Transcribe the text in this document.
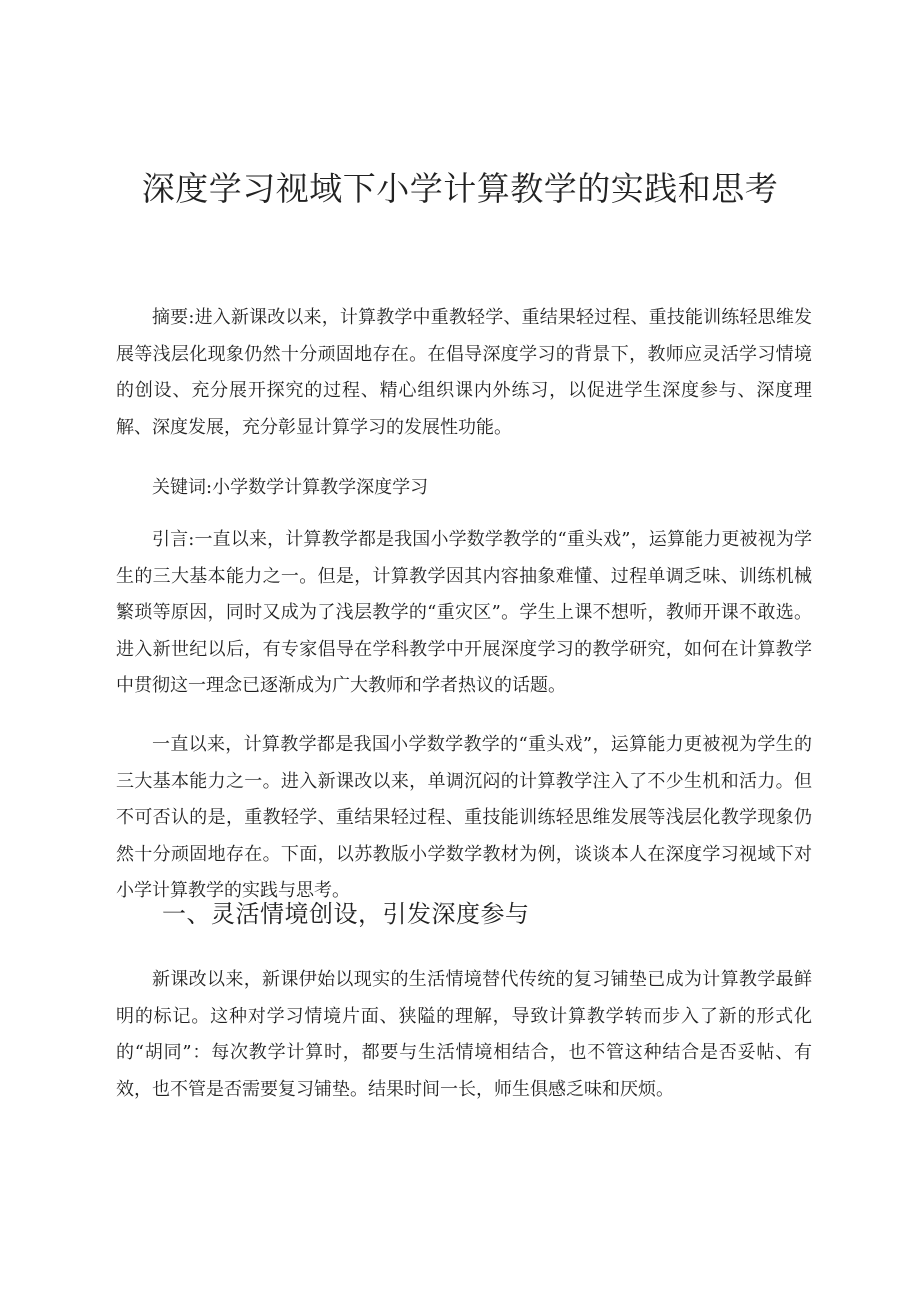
深度学习视域下小学计算教学的实践和思考

摘要:进入新课改以来，计算教学中重教轻学、重结果轻过程、重技能训练轻思维发展等浅层化现象仍然十分顽固地存在。在倡导深度学习的背景下，教师应灵活学习情境的创设、充分展开探究的过程、精心组织课内外练习，以促进学生深度参与、深度理解、深度发展，充分彰显计算学习的发展性功能。

关键词:小学数学计算教学深度学习

引言:一直以来，计算教学都是我国小学数学教学的“重头戏”，运算能力更被视为学生的三大基本能力之一。但是，计算教学因其内容抽象难懂、过程单调乏味、训练机械繁琐等原因，同时又成为了浅层教学的“重灾区”。学生上课不想听，教师开课不敢选。进入新世纪以后，有专家倡导在学科教学中开展深度学习的教学研究，如何在计算教学中贯彻这一理念已逐渐成为广大教师和学者热议的话题。

一直以来，计算教学都是我国小学数学教学的“重头戏”，运算能力更被视为学生的三大基本能力之一。进入新课改以来，单调沉闷的计算教学注入了不少生机和活力。但不可否认的是，重教轻学、重结果轻过程、重技能训练轻思维发展等浅层化教学现象仍然十分顽固地存在。下面，以苏教版小学数学教材为例，谈谈本人在深度学习视域下对小学计算教学的实践与思考。

一、灵活情境创设，引发深度参与

新课改以来，新课伊始以现实的生活情境替代传统的复习铺垫已成为计算教学最鲜明的标记。这种对学习情境片面、狭隘的理解，导致计算教学转而步入了新的形式化的“胡同”：每次教学计算时，都要与生活情境相结合，也不管这种结合是否妥帖、有效，也不管是否需要复习铺垫。结果时间一长，师生俱感乏味和厌烦。
